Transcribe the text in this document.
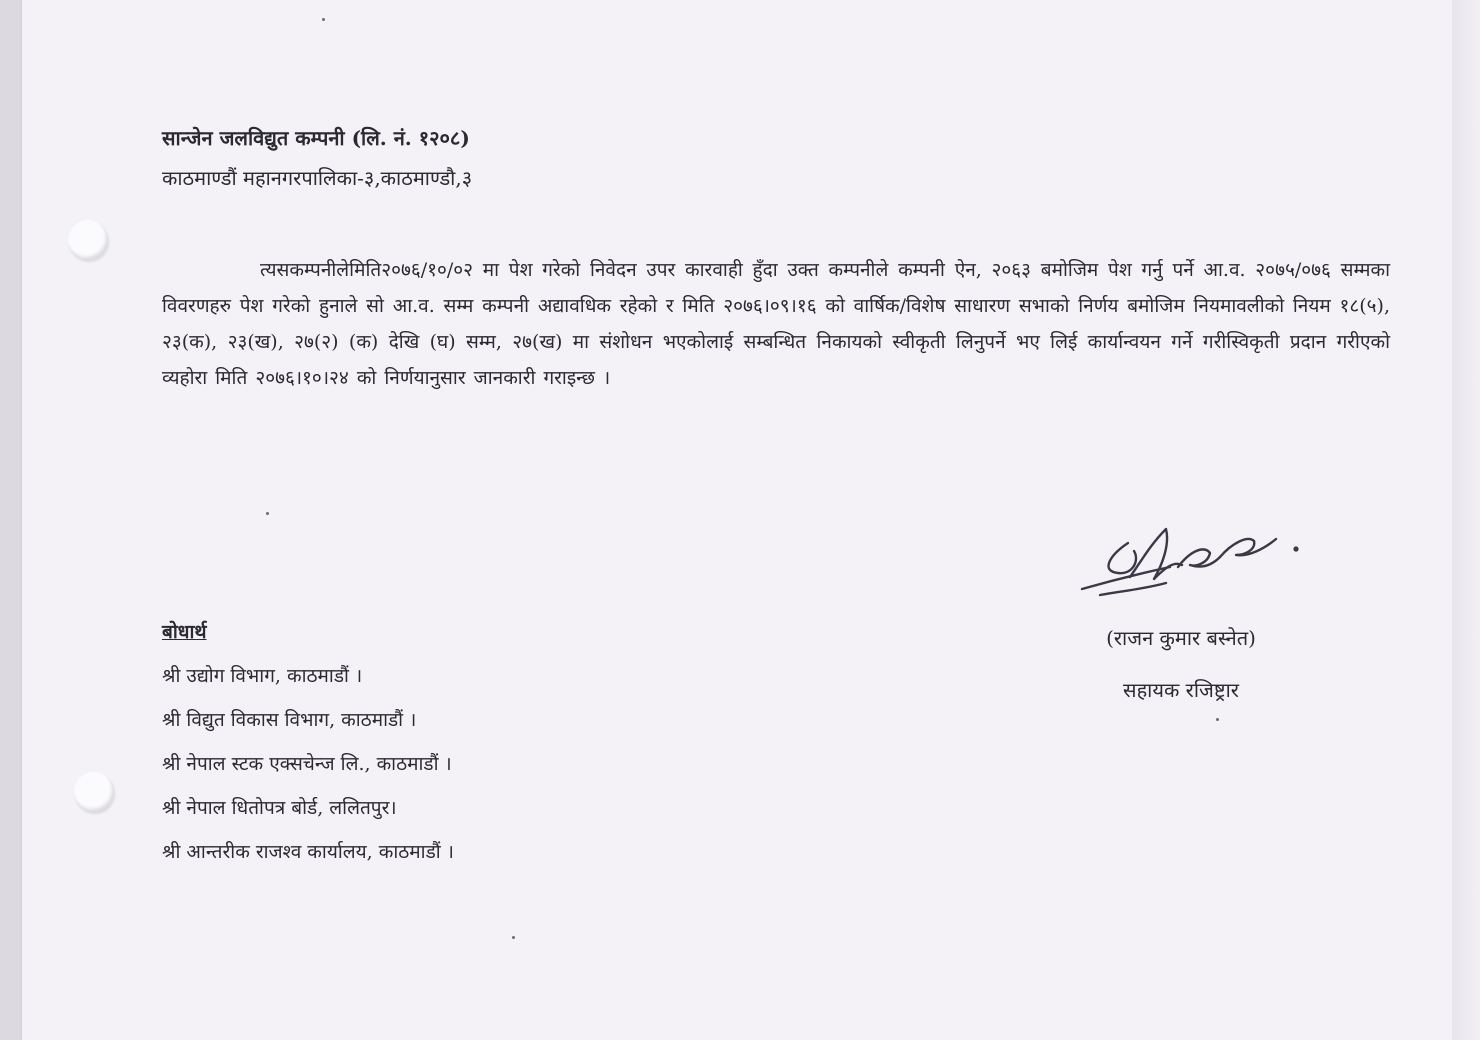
सान्जेन जलविद्युत कम्पनी (लि. नं. १२०८)
काठमाण्डौं महानगरपालिका-३,काठमाण्डौ,३
त्यसकम्पनीलेमिति२०७६/१०/०२ मा पेश गरेको निवेदन उपर कारवाही हुँदा उक्त कम्पनीले कम्पनी ऐन, २०६३ बमोजिम पेश गर्नु पर्ने आ.व. २०७५/०७६ सम्मका विवरणहरु पेश गरेको हुनाले सो आ.व. सम्म कम्पनी अद्यावधिक रहेको र मिति २०७६।०९।१६ को वार्षिक/विशेष साधारण सभाको निर्णय बमोजिम नियमावलीको नियम १८(५), २३(क), २३(ख), २७(२) (क) देखि (घ) सम्म, २७(ख) मा संशोधन भएकोलाई सम्बन्धित निकायको स्वीकृती लिनुपर्ने भए लिई कार्यान्वयन गर्ने गरीस्विकृती प्रदान गरीएको व्यहोरा मिति २०७६।१०।२४ को निर्णयानुसार जानकारी गराइन्छ ।
(राजन कुमार बस्नेत)
सहायक रजिष्ट्रार
बोधार्थ
श्री उद्योग विभाग, काठमाडौं ।
श्री विद्युत विकास विभाग, काठमाडौं ।
श्री नेपाल स्टक एक्सचेन्ज लि., काठमाडौं ।
श्री नेपाल धितोपत्र बोर्ड, ललितपुर।
श्री आन्तरीक राजश्व कार्यालय, काठमाडौं ।
